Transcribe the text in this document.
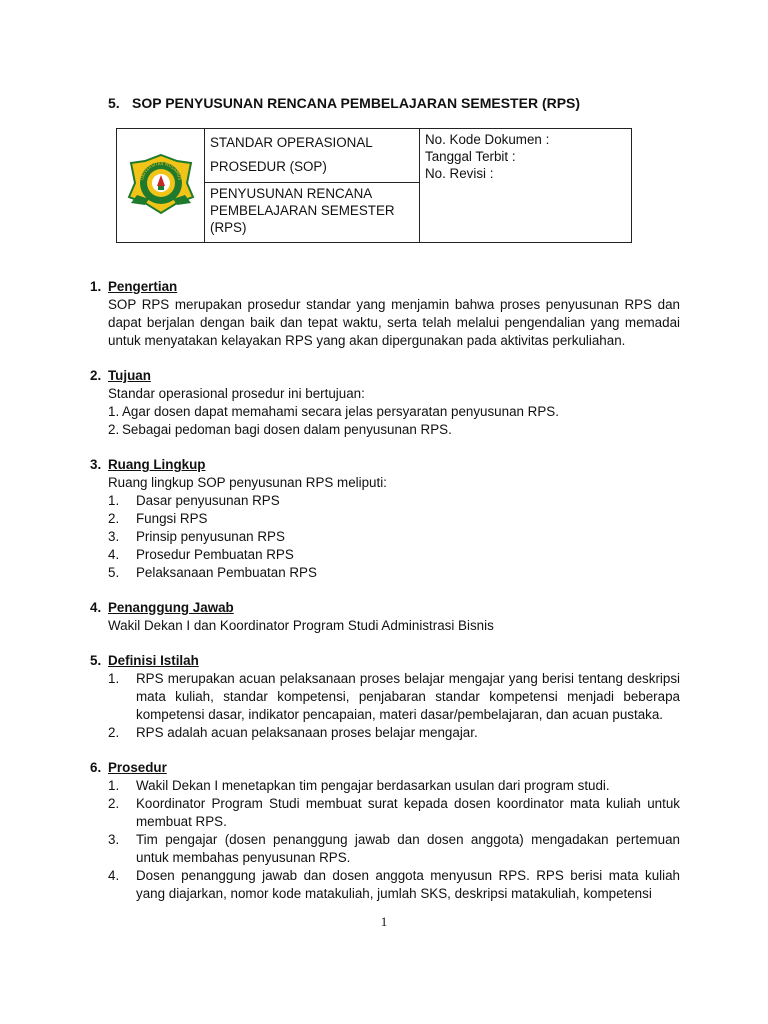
5. SOP PENYUSUNAN RENCANA PEMBELAJARAN SEMESTER (RPS)
UNIVERSITAS MUSAMUS

STANDAR OPERASIONAL
PROSEDUR (SOP)

No. Kode Dokumen :
Tanggal Terbit :
No. Revisi :

PENYUSUNAN RENCANA
PEMBELAJARAN SEMESTER
(RPS)
1. Pengertian
SOP RPS merupakan prosedur standar yang menjamin bahwa proses penyusunan RPS dan dapat berjalan dengan baik dan tepat waktu, serta telah melalui pengendalian yang memadai untuk menyatakan kelayakan RPS yang akan dipergunakan pada aktivitas perkuliahan.
2. Tujuan
Standar operasional prosedur ini bertujuan:
1. Agar dosen dapat memahami secara jelas persyaratan penyusunan RPS.
2. Sebagai pedoman bagi dosen dalam penyusunan RPS.
3. Ruang Lingkup
Ruang lingkup SOP penyusunan RPS meliputi:
1.	Dasar penyusunan RPS
2.	Fungsi RPS
3.	Prinsip penyusunan RPS
4.	Prosedur Pembuatan RPS
5.	Pelaksanaan Pembuatan RPS
4. Penanggung Jawab
Wakil Dekan I dan Koordinator Program Studi Administrasi Bisnis
5. Definisi Istilah
1.	RPS merupakan acuan pelaksanaan proses belajar mengajar yang berisi tentang deskripsi mata kuliah, standar kompetensi, penjabaran standar kompetensi menjadi beberapa kompetensi dasar, indikator pencapaian, materi dasar/pembelajaran, dan acuan pustaka.
2.	RPS adalah acuan pelaksanaan proses belajar mengajar.
6. Prosedur
1.	Wakil Dekan I menetapkan tim pengajar berdasarkan usulan dari program studi.
2.	Koordinator Program Studi membuat surat kepada dosen koordinator mata kuliah untuk membuat RPS.
3.	Tim pengajar (dosen penanggung jawab dan dosen anggota) mengadakan pertemuan untuk membahas penyusunan RPS.
4.	Dosen penanggung jawab dan dosen anggota menyusun RPS. RPS berisi mata kuliah yang diajarkan, nomor kode matakuliah, jumlah SKS, deskripsi matakuliah, kompetensi
1
